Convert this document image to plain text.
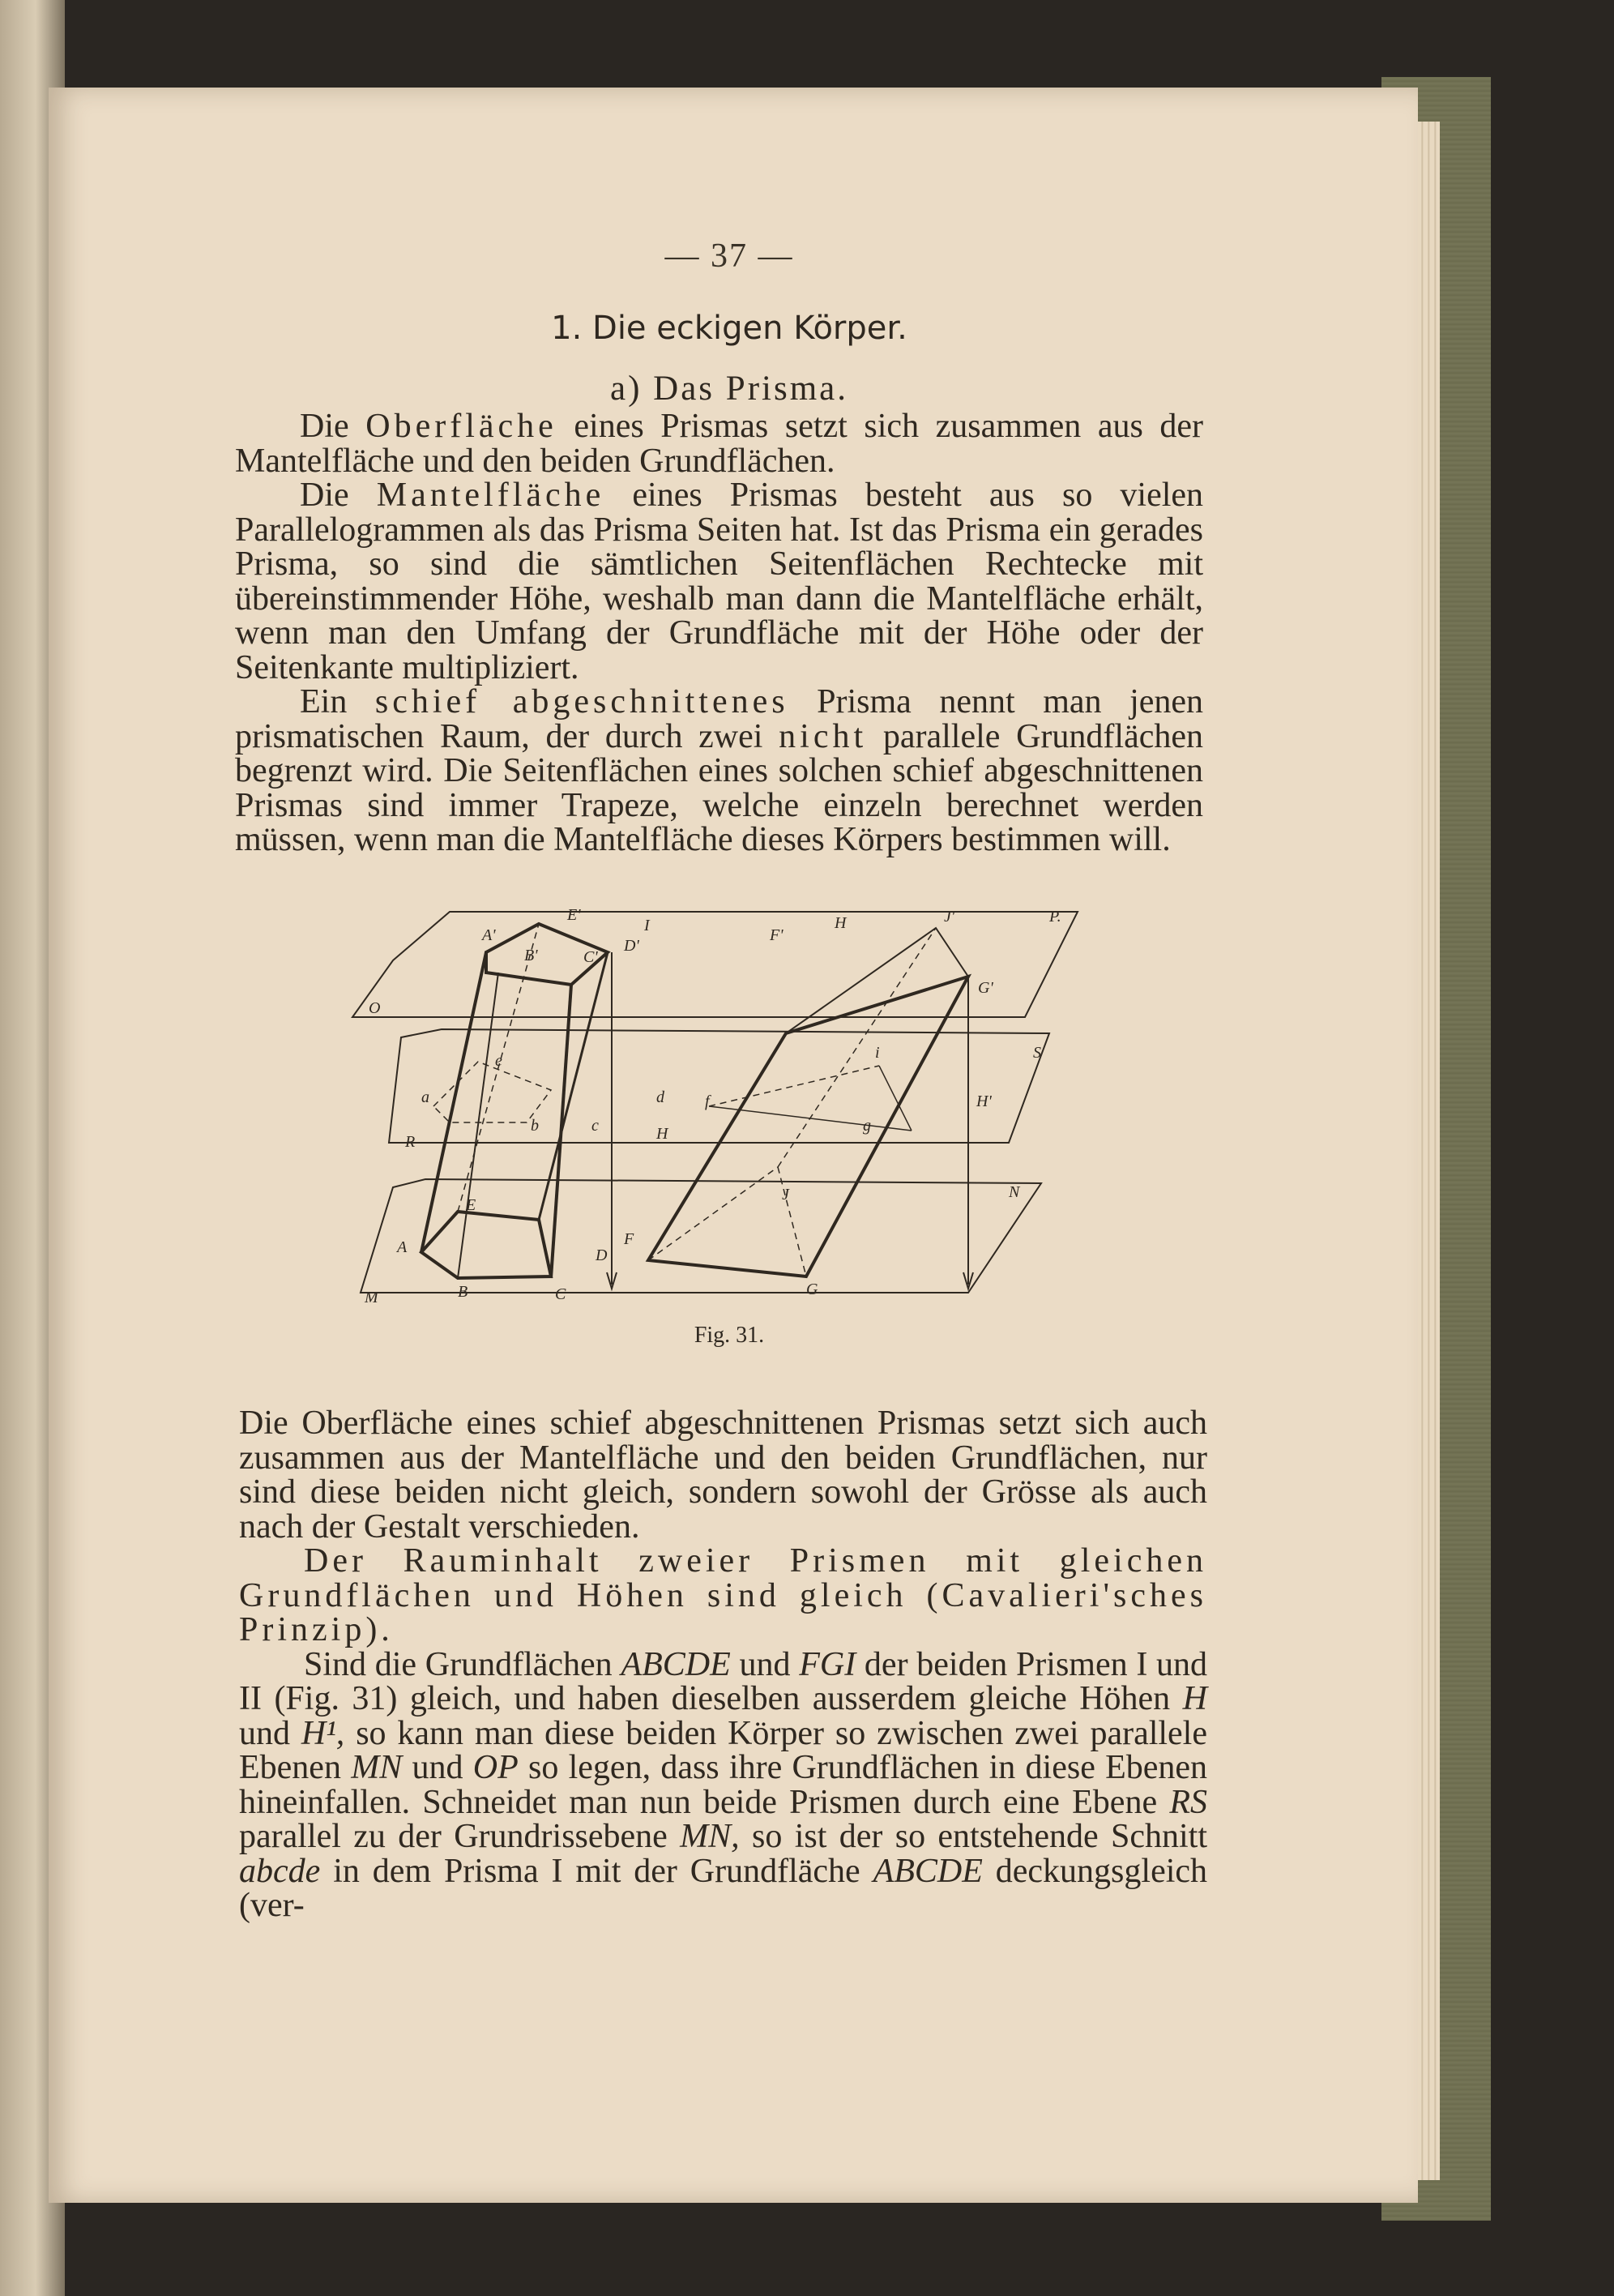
— 37 —
1. Die eckigen Körper.
a) Das Prisma.

Die Oberfläche eines Prismas setzt sich zusammen aus der Mantelfläche und den beiden Grundflächen.

Die Mantelfläche eines Prismas besteht aus so vielen Parallelogrammen als das Prisma Seiten hat. Ist das Prisma ein gerades Prisma, so sind die sämtlichen Seitenflächen Rechtecke mit übereinstimmender Höhe, weshalb man dann die Mantelfläche erhält, wenn man den Umfang der Grundfläche mit der Höhe oder der Seitenkante multipliziert.

Ein schief abgeschnittenes Prisma nennt man jenen prismatischen Raum, der durch zwei nicht parallele Grundflächen begrenzt wird. Die Seitenflächen eines solchen schief abgeschnittenen Prismas sind immer Trapeze, welche einzeln berechnet werden müssen, wenn man die Mantelfläche dieses Körpers bestimmen will.

E'
I
A'
D'
B'	C'
O
F'
H	J'	P.
G'
S
e	i
a	d	f	H'
b	c	g
R	H
N
J
E
A	F
D
M	B	C	G
Fig. 31.

Die Oberfläche eines schief abgeschnittenen Prismas setzt sich auch zusammen aus der Mantelfläche und den beiden Grundflächen, nur sind diese beiden nicht gleich, sondern sowohl der Grösse als auch nach der Gestalt verschieden.

Der Rauminhalt zweier Prismen mit gleichen Grundflächen und Höhen sind gleich (Cavalieri'sches Prinzip).

Sind die Grundflächen ABCDE und FGI der beiden Prismen I und II (Fig. 31) gleich, und haben dieselben ausserdem gleiche Höhen H und H¹, so kann man diese beiden Körper so zwischen zwei parallele Ebenen MN und OP so legen, dass ihre Grundflächen in diese Ebenen hineinfallen. Schneidet man nun beide Prismen durch eine Ebene RS parallel zu der Grundrissebene MN, so ist der so entstehende Schnitt abcde in dem Prisma I mit der Grundfläche ABCDE deckungsgleich (ver-
